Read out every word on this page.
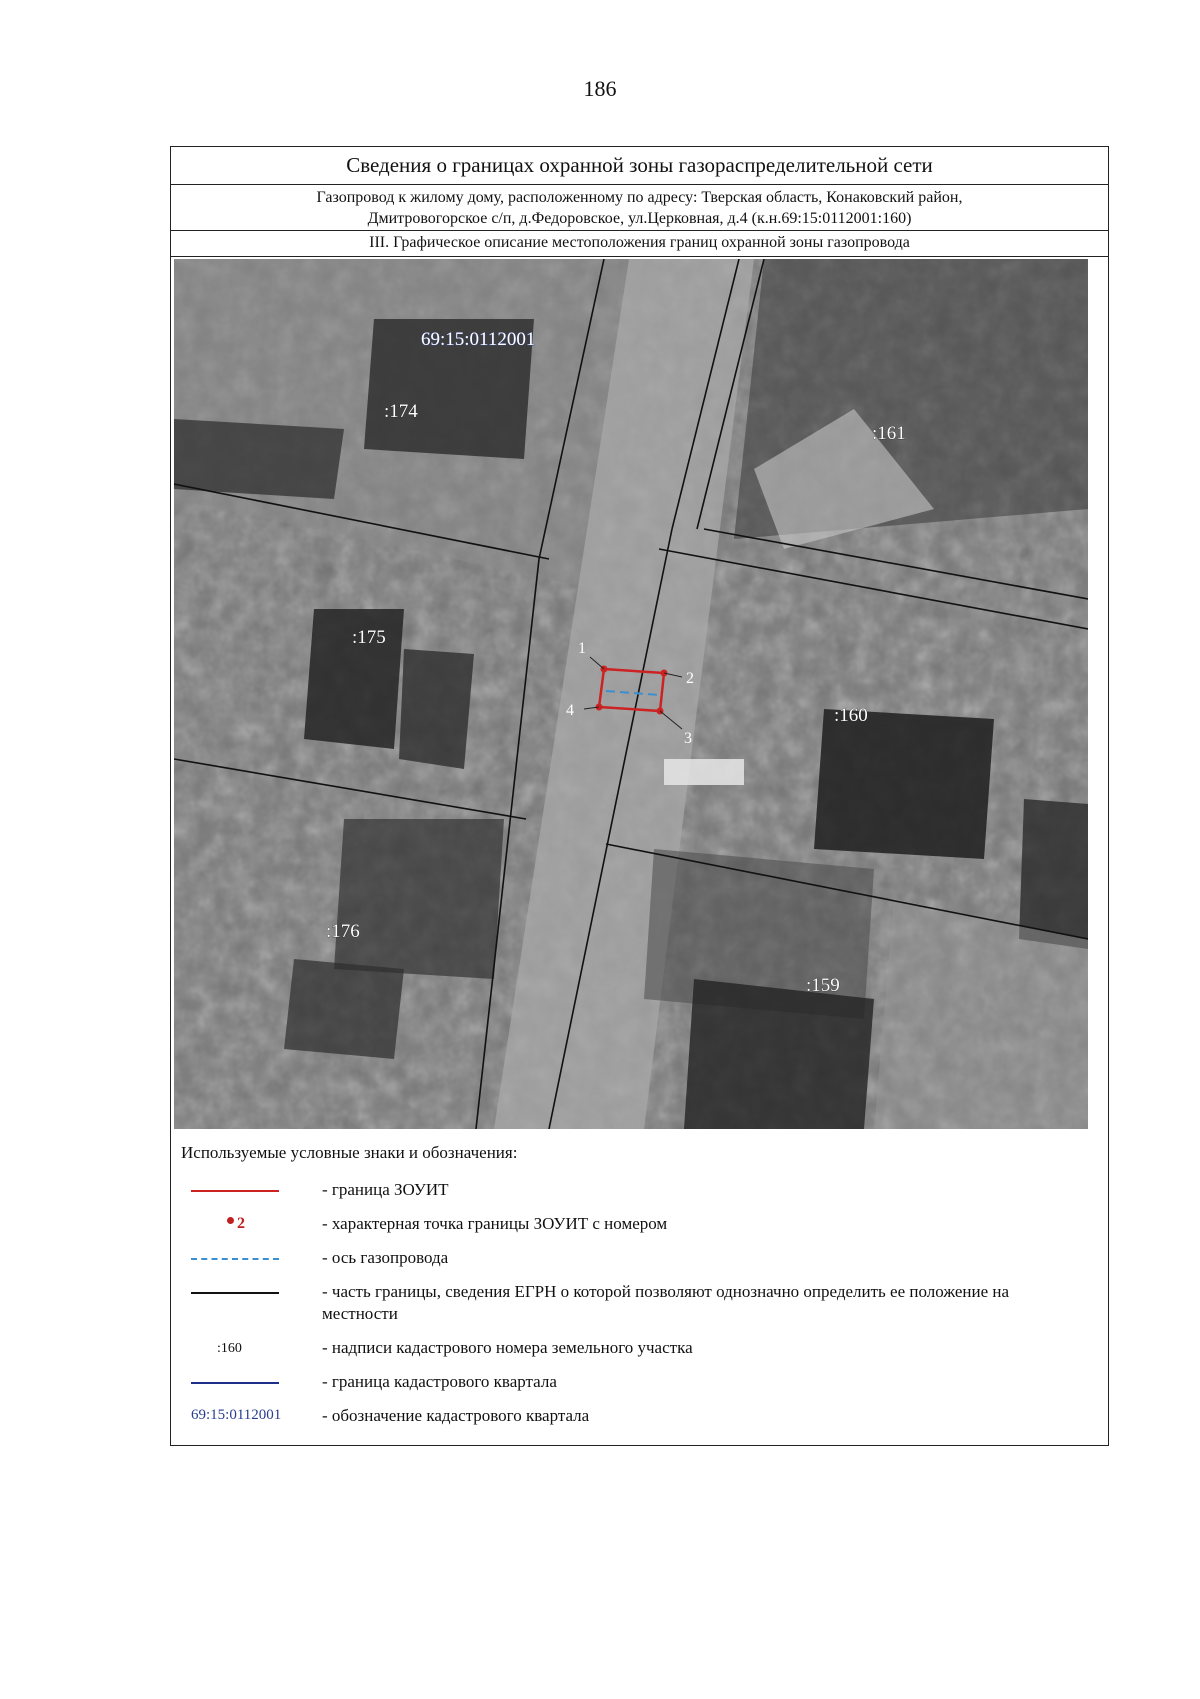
186
Сведения о границах охранной зоны газораспределительной сети
Газопровод к жилому дому, расположенному по адресу: Тверская область, Конаковский район,
Дмитровогорское с/п, д.Федоровское, ул.Церковная, д.4 (к.н.69:15:0112001:160)
III. Графическое описание местоположения границ охранной зоны газопровода
1
2
3
4
69:15:0112001
:174
:161
:175
:160
:176
:159
Используемые условные знаки и обозначения:
- граница ЗОУИТ
2	- характерная точка границы ЗОУИТ с номером
- ось газопровода
- часть границы, сведения ЕГРН о которой позволяют однозначно определить ее положение на местности
:160	- надписи кадастрового номера земельного участка
- граница кадастрового квартала
69:15:0112001 - обозначение кадастрового квартала
